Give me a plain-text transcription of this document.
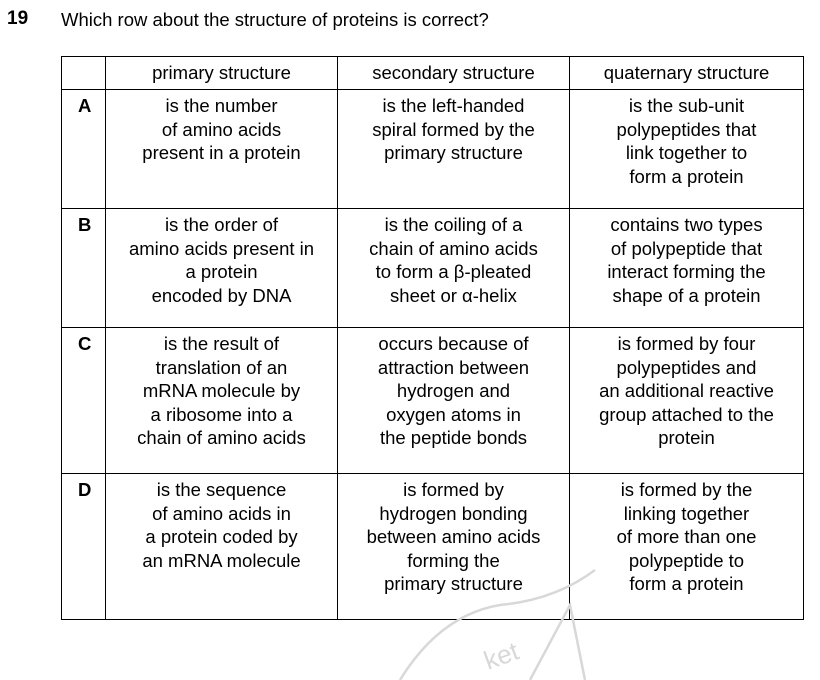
19 Which row about the structure of proteins is correct?
	primary structure	secondary structure	quaternary structure
A	is the number
of amino acids
present in a protein	is the left-handed
spiral formed by the
primary structure	is the sub-unit
polypeptides that
link together to
form a protein
B	is the order of
amino acids present in
a protein
encoded by DNA	is the coiling of a
chain of amino acids
to form a β-pleated
sheet or α-helix	contains two types
of polypeptide that
interact forming the
shape of a protein
C	is the result of
translation of an
mRNA molecule by
a ribosome into a
chain of amino acids	occurs because of
attraction between
hydrogen and
oxygen atoms in
the peptide bonds	is formed by four
polypeptides and
an additional reactive
group attached to the
protein
D	is the sequence
of amino acids in
a protein coded by
an mRNA molecule	is formed by
hydrogen bonding
between amino acids
forming the
primary structure	is formed by the
linking together
of more than one
polypeptide to
form a protein
ket
